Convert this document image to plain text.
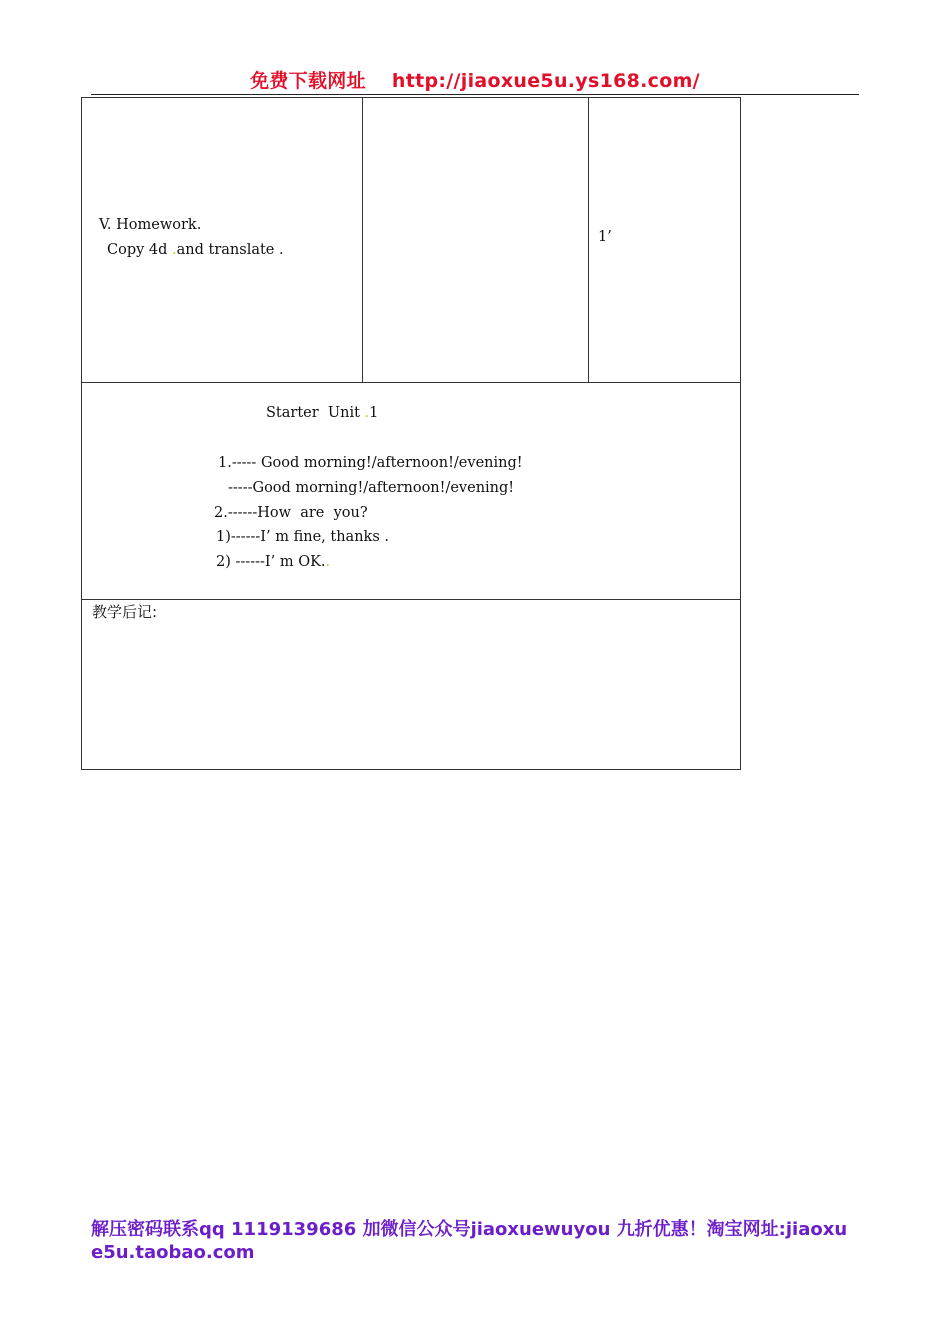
免费下载网址 http://jiaoxue5u.ys168.com/
V. Homework.
Copy 4d .and translate .
1’
Starter  Unit .1
1.----- Good morning!/afternoon!/evening!
-----Good morning!/afternoon!/evening!
2.------How  are  you?
1)------I’ m fine, thanks .
2) ------I’ m OK..
教学后记:
解压密码联系qq 1119139686 加微信公众号jiaoxuewuyou 九折优惠！淘宝网址:jiaoxue5u.taobao.com
